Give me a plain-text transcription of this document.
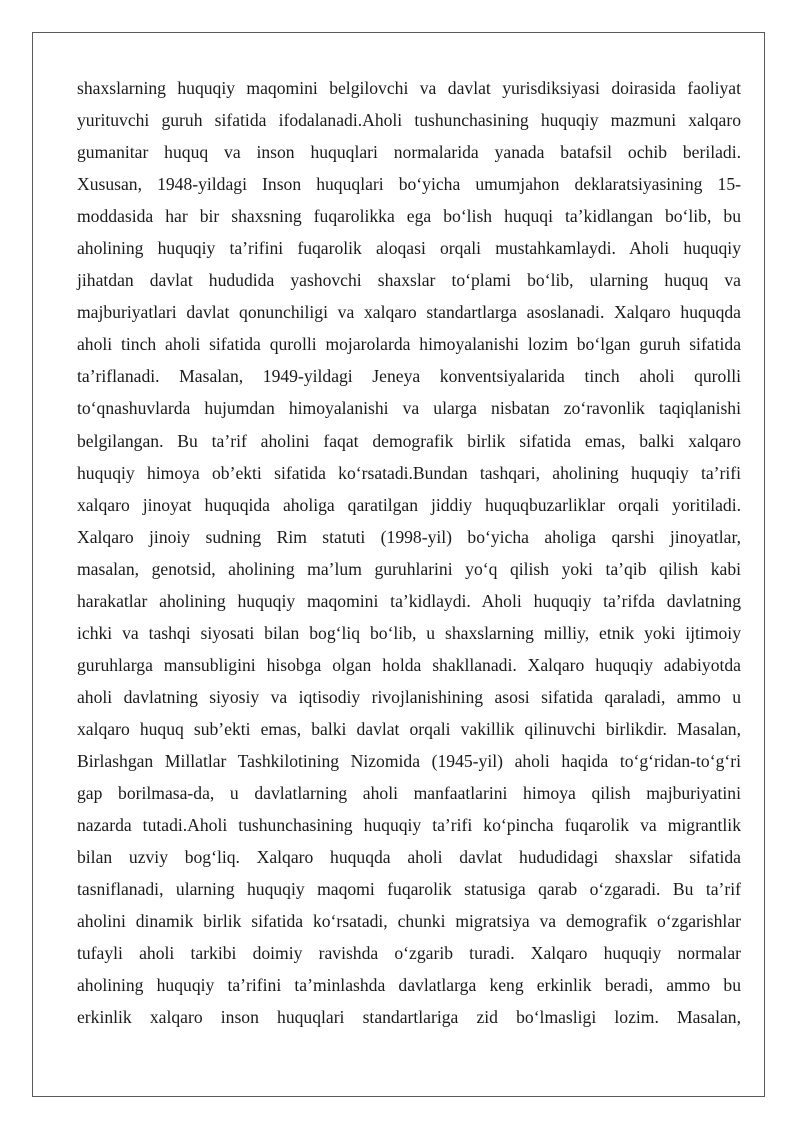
shaxslarning huquqiy maqomini belgilovchi va davlat yurisdiksiyasi doirasida faoliyat
yurituvchi guruh sifatida ifodalanadi.Aholi tushunchasining huquqiy mazmuni xalqaro
gumanitar huquq va inson huquqlari normalarida yanada batafsil ochib beriladi.
Xususan, 1948-yildagi Inson huquqlari bo‘yicha umumjahon deklaratsiyasining 15-
moddasida har bir shaxsning fuqarolikka ega bo‘lish huquqi ta’kidlangan bo‘lib, bu
aholining huquqiy ta’rifini fuqarolik aloqasi orqali mustahkamlaydi. Aholi huquqiy
jihatdan davlat hududida yashovchi shaxslar to‘plami bo‘lib, ularning huquq va
majburiyatlari davlat qonunchiligi va xalqaro standartlarga asoslanadi. Xalqaro huquqda
aholi tinch aholi sifatida qurolli mojarolarda himoyalanishi lozim bo‘lgan guruh sifatida
ta’riflanadi. Masalan, 1949-yildagi Jeneya konventsiyalarida tinch aholi qurolli
to‘qnashuvlarda hujumdan himoyalanishi va ularga nisbatan zo‘ravonlik taqiqlanishi
belgilangan. Bu ta’rif aholini faqat demografik birlik sifatida emas, balki xalqaro
huquqiy himoya ob’ekti sifatida ko‘rsatadi.Bundan tashqari, aholining huquqiy ta’rifi
xalqaro jinoyat huquqida aholiga qaratilgan jiddiy huquqbuzarliklar orqali yoritiladi.
Xalqaro jinoiy sudning Rim statuti (1998-yil) bo‘yicha aholiga qarshi jinoyatlar,
masalan, genotsid, aholining ma’lum guruhlarini yo‘q qilish yoki ta’qib qilish kabi
harakatlar aholining huquqiy maqomini ta’kidlaydi. Aholi huquqiy ta’rifda davlatning
ichki va tashqi siyosati bilan bog‘liq bo‘lib, u shaxslarning milliy, etnik yoki ijtimoiy
guruhlarga mansubligini hisobga olgan holda shakllanadi. Xalqaro huquqiy adabiyotda
aholi davlatning siyosiy va iqtisodiy rivojlanishining asosi sifatida qaraladi, ammo u
xalqaro huquq sub’ekti emas, balki davlat orqali vakillik qilinuvchi birlikdir. Masalan,
Birlashgan Millatlar Tashkilotining Nizomida (1945-yil) aholi haqida to‘g‘ridan-to‘g‘ri
gap borilmasa-da, u davlatlarning aholi manfaatlarini himoya qilish majburiyatini
nazarda tutadi.Aholi tushunchasining huquqiy ta’rifi ko‘pincha fuqarolik va migrantlik
bilan uzviy bog‘liq. Xalqaro huquqda aholi davlat hududidagi shaxslar sifatida
tasniflanadi, ularning huquqiy maqomi fuqarolik statusiga qarab o‘zgaradi. Bu ta’rif
aholini dinamik birlik sifatida ko‘rsatadi, chunki migratsiya va demografik o‘zgarishlar
tufayli aholi tarkibi doimiy ravishda o‘zgarib turadi. Xalqaro huquqiy normalar
aholining huquqiy ta’rifini ta’minlashda davlatlarga keng erkinlik beradi, ammo bu
erkinlik xalqaro inson huquqlari standartlariga zid bo‘lmasligi lozim. Masalan,
